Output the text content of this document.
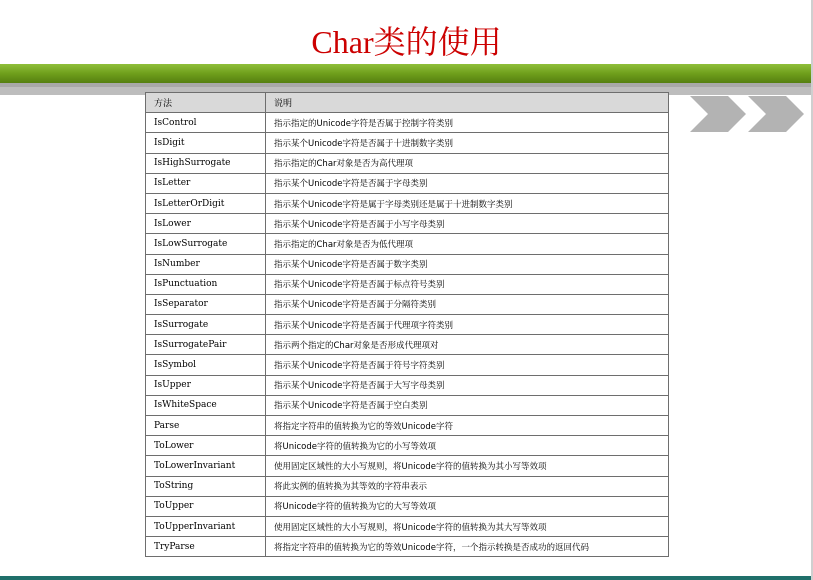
Char类的使用
方法	说明
IsControl	指示指定的Unicode字符是否属于控制字符类别
IsDigit	指示某个Unicode字符是否属于十进制数字类别
IsHighSurrogate	指示指定的Char对象是否为高代理项
IsLetter	指示某个Unicode字符是否属于字母类别
IsLetterOrDigit	指示某个Unicode字符是属于字母类别还是属于十进制数字类别
IsLower	指示某个Unicode字符是否属于小写字母类别
IsLowSurrogate	指示指定的Char对象是否为低代理项
IsNumber	指示某个Unicode字符是否属于数字类别
IsPunctuation	指示某个Unicode字符是否属于标点符号类别
IsSeparator	指示某个Unicode字符是否属于分隔符类别
IsSurrogate	指示某个Unicode字符是否属于代理项字符类别
IsSurrogatePair	指示两个指定的Char对象是否形成代理项对
IsSymbol	指示某个Unicode字符是否属于符号字符类别
IsUpper	指示某个Unicode字符是否属于大写字母类别
IsWhiteSpace	指示某个Unicode字符是否属于空白类别
Parse	将指定字符串的值转换为它的等效Unicode字符
ToLower	将Unicode字符的值转换为它的小写等效项
ToLowerInvariant	使用固定区域性的大小写规则，将Unicode字符的值转换为其小写等效项
ToString	将此实例的值转换为其等效的字符串表示
ToUpper	将Unicode字符的值转换为它的大写等效项
ToUpperInvariant	使用固定区域性的大小写规则，将Unicode字符的值转换为其大写等效项
TryParse	将指定字符串的值转换为它的等效Unicode字符，一个指示转换是否成功的返回代码
